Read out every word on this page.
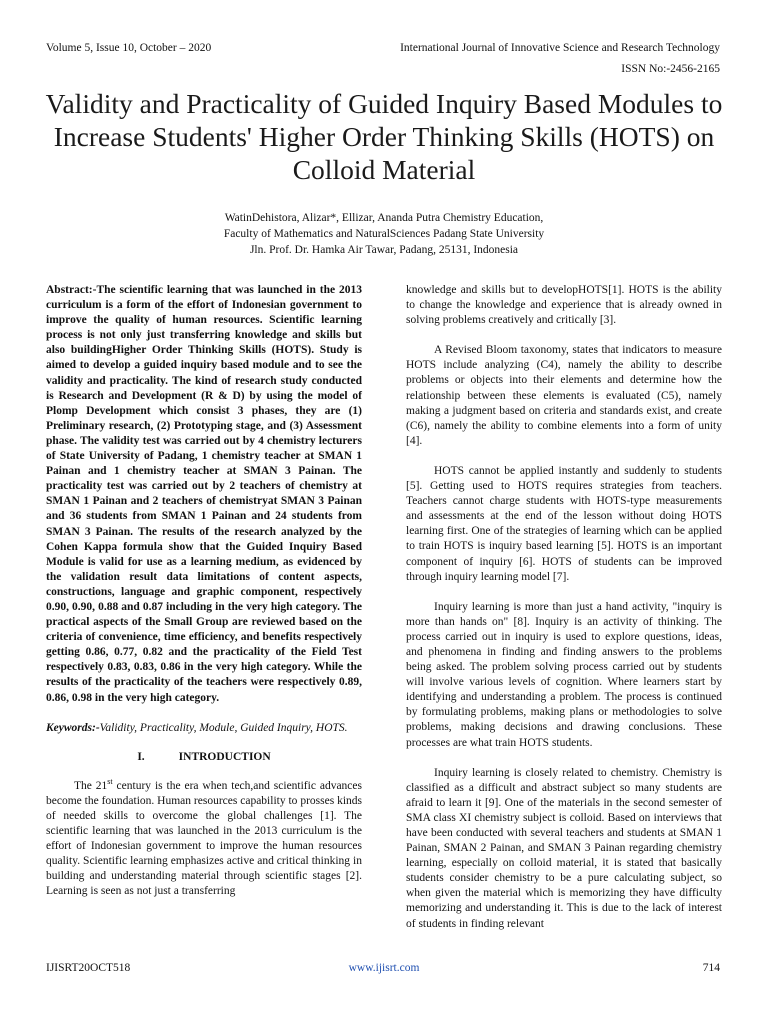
Volume 5, Issue 10, October – 2020	International Journal of Innovative Science and Research Technology
ISSN No:-2456-2165
Validity and Practicality of Guided Inquiry Based Modules to Increase Students' Higher Order Thinking Skills (HOTS) on Colloid Material
WatinDehistora, Alizar*, Ellizar, Ananda Putra Chemistry Education,
Faculty of Mathematics and NaturalSciences Padang State University
Jln. Prof. Dr. Hamka Air Tawar, Padang, 25131, Indonesia

Abstract:-The scientific learning that was launched in the 2013 curriculum is a form of the effort of Indonesian government to improve the quality of human resources. Scientific learning process is not only just transferring knowledge and skills but also buildingHigher Order Thinking Skills (HOTS). Study is aimed to develop a guided inquiry based module and to see the validity and practicality. The kind of research study conducted is Research and Development (R & D) by using the model of Plomp Development which consist 3 phases, they are (1) Preliminary research, (2) Prototyping stage, and (3) Assessment phase. The validity test was carried out by 4 chemistry lecturers of State University of Padang, 1 chemistry teacher at SMAN 1 Painan and 1 chemistry teacher at SMAN 3 Painan. The practicality test was carried out by 2 teachers of chemistry at SMAN 1 Painan and 2 teachers of chemistryat SMAN 3 Painan and 36 students from SMAN 1 Painan and 24 students from SMAN 3 Painan. The results of the research analyzed by the Cohen Kappa formula show that the Guided Inquiry Based Module is valid for use as a learning medium, as evidenced by the validation result data limitations of content aspects, constructions, language and graphic component, respectively 0.90, 0.90, 0.88 and 0.87 including in the very high category. The practical aspects of the Small Group are reviewed based on the criteria of convenience, time efficiency, and benefits respectively getting 0.86, 0.77, 0.82 and the practicality of the Field Test respectively 0.83, 0.83, 0.86 in the very high category. While the results of the practicality of the teachers were respectively 0.89, 0.86, 0.98 in the very high category.

Keywords:-Validity, Practicality, Module, Guided Inquiry, HOTS.

I.	INTRODUCTION

The 21st century is the era when tech,and scientific advances become the foundation. Human resources capability to prosses kinds of needed skills to overcome the global challenges [1]. The scientific learning that was launched in the 2013 curriculum is the effort of Indonesian government to improve the human resources quality. Scientific learning emphasizes active and critical thinking in building and understanding material through scientific stages [2]. Learning is seen as not just a transferring

knowledge and skills but to developHOTS[1]. HOTS is the ability to change the knowledge and experience that is already owned in solving problems creatively and critically [3].

A Revised Bloom taxonomy, states that indicators to measure HOTS include analyzing (C4), namely the ability to describe problems or objects into their elements and determine how the relationship between these elements is evaluated (C5), namely making a judgment based on criteria and standards exist, and create (C6), namely the ability to combine elements into a form of unity [4].

HOTS cannot be applied instantly and suddenly to students [5]. Getting used to HOTS requires strategies from teachers. Teachers cannot charge students with HOTS-type measurements and assessments at the end of the lesson without doing HOTS learning first. One of the strategies of learning which can be applied to train HOTS is inquiry based learning [5]. HOTS is an important component of inquiry [6]. HOTS of students can be improved through inquiry learning model [7].

Inquiry learning is more than just a hand activity, "inquiry is more than hands on" [8]. Inquiry is an activity of thinking. The process carried out in inquiry is used to explore questions, ideas, and phenomena in finding and finding answers to the problems being asked. The problem solving process carried out by students will involve various levels of cognition. Where learners start by identifying and understanding a problem. The process is continued by formulating problems, making plans or methodologies to solve problems, making decisions and drawing conclusions. These processes are what train HOTS students.

Inquiry learning is closely related to chemistry. Chemistry is classified as a difficult and abstract subject so many students are afraid to learn it [9]. One of the materials in the second semester of SMA class XI chemistry subject is colloid. Based on interviews that have been conducted with several teachers and students at SMAN 1 Painan, SMAN 2 Painan, and SMAN 3 Painan regarding chemistry learning, especially on colloid material, it is stated that basically students consider chemistry to be a pure calculating subject, so when given the material which is memorizing they have difficulty memorizing and understanding it. This is due to the lack of interest of students in finding relevant

IJISRT20OCT518	www.ijisrt.com	714
